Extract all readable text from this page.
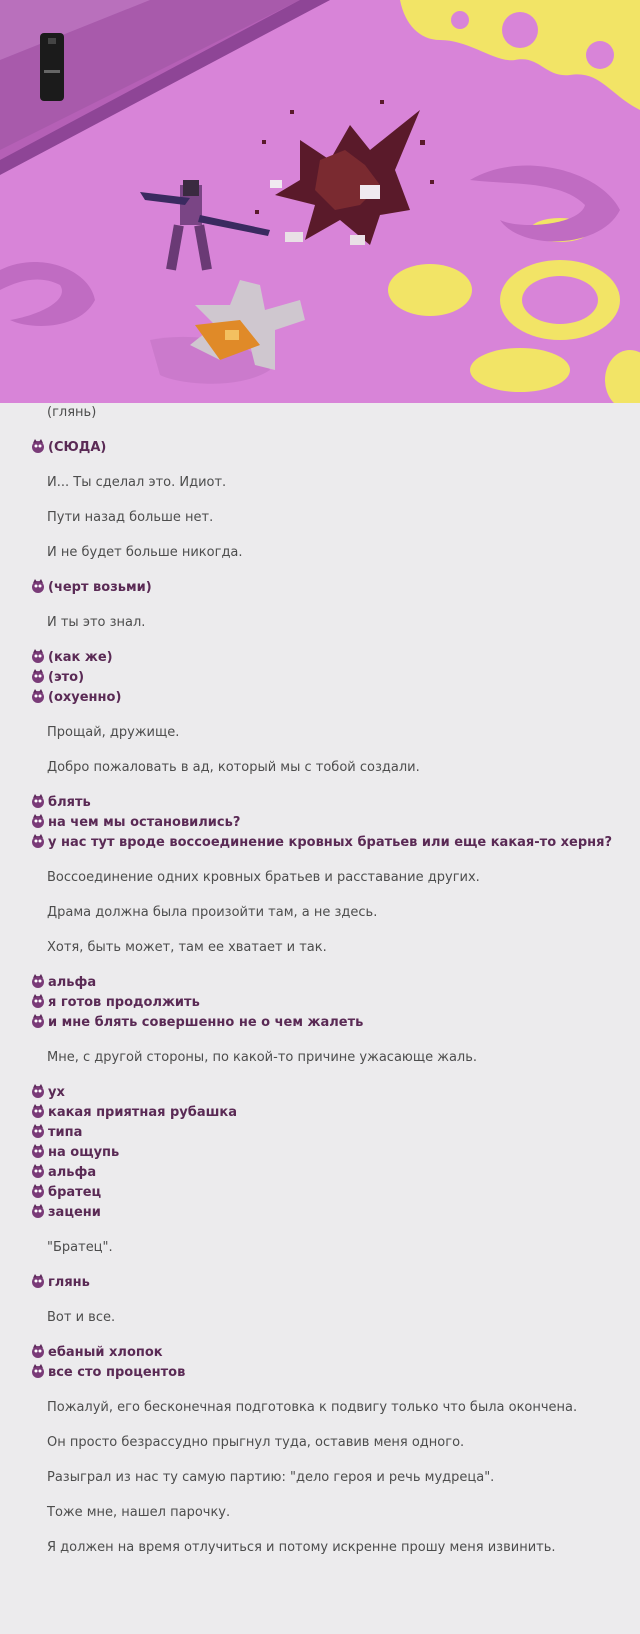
(глянь)
(СЮДА)
И... Ты сделал это. Идиот.
Пути назад больше нет.
И не будет больше никогда.
(черт возьми)
И ты это знал.
(как же)
(это)
(охуенно)
Прощай, дружище.
Добро пожаловать в ад, который мы с тобой создали.
блять
на чем мы остановились?
у нас тут вроде воссоединение кровных братьев или еще какая-то херня?
Воссоединение одних кровных братьев и расставание других.
Драма должна была произойти там, а не здесь.
Хотя, быть может, там ее хватает и так.
альфа
я готов продолжить
и мне блять совершенно не о чем жалеть
Мне, с другой стороны, по какой-то причине ужасающе жаль.
ух
какая приятная рубашка
типа
на ощупь
альфа
братец
зацени
"Братец".
глянь
Вот и все.
ебаный хлопок
все сто процентов
Пожалуй, его бесконечная подготовка к подвигу только что была окончена.
Он просто безрассудно прыгнул туда, оставив меня одного.
Разыграл из нас ту самую партию: "дело героя и речь мудреца".
Тоже мне, нашел парочку.
Я должен на время отлучиться и потому искренне прошу меня извинить.
